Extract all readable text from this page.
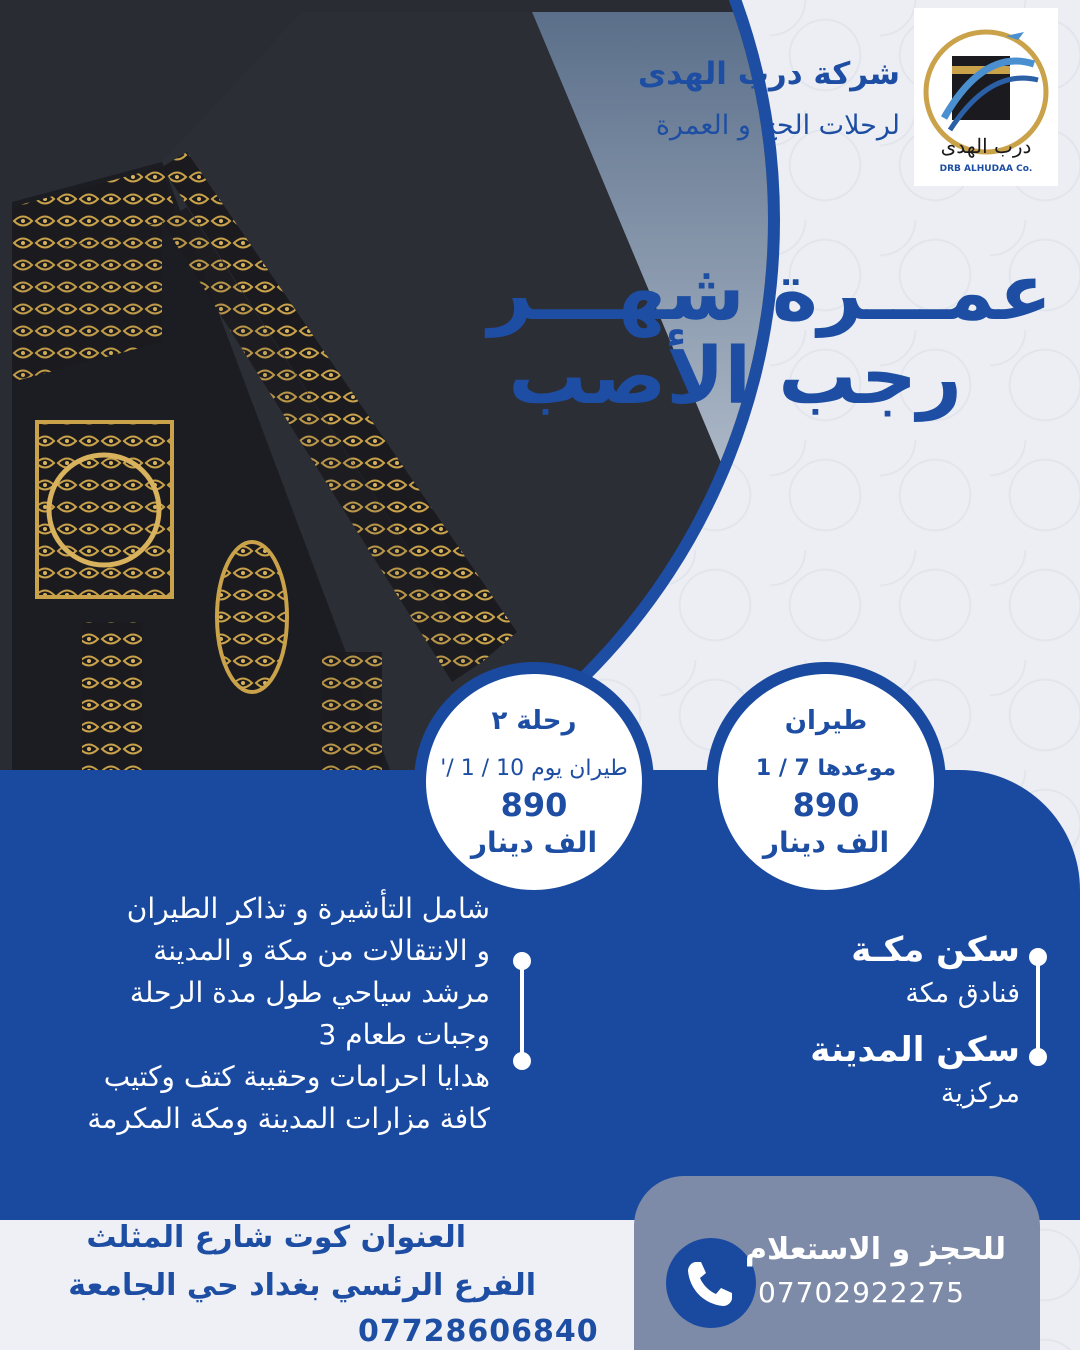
درب الهدى
DRB ALHUDAA Co.
شركة درب الهدى
لرحلات الحج و العمرة
عمـــرة شهـــر
رجب الأصب
طيران
موعدها 7 / 1
890
الف دينار
رحلة ٢
طيران يوم 10 / 1 /'
890
الف دينار

شامل التأشيرة و تذاكر الطيران

و الانتقالات من مكة و المدينة

مرشد سياحي طول مدة الرحلة

وجبات طعام 3

هدايا احرامات وحقيبة كتف وكتيب

كافة مزارات المدينة ومكة المكرمة

سكن مكـة
فنادق مكة
سكن المدينة
مركزية
العنوان كوت شارع المثلث
الفرع الرئسي بغداد حي الجامعة
07728606840
للحجز و الاستعلام
07702922275
